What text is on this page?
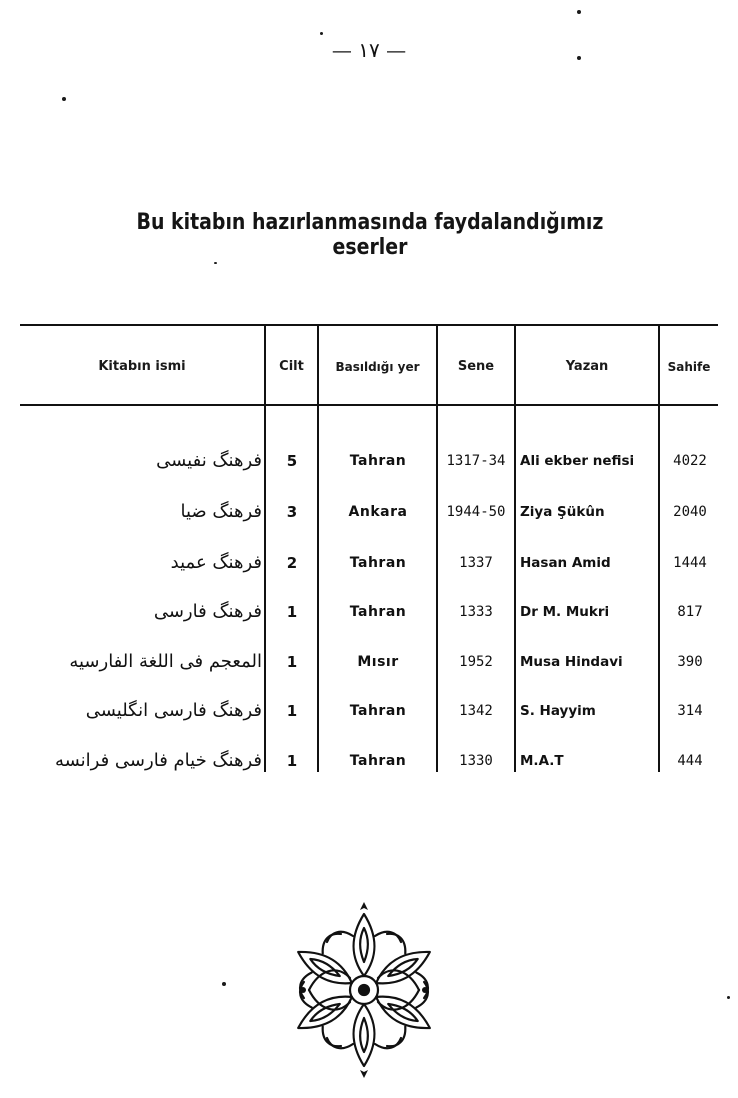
— ١٧ —
Bu kitabın hazırlanmasında faydalandığımız eserler
Kitabın ismi	Cilt	Basıldığı yer	Sene	Yazan	Sahife
فرهنگ نفیسی	5	Tahran	1317-34	Ali ekber nefisi	4022
فرهنگ ضیا	3	Ankara	1944-50	Ziya Şükûn	2040
فرهنگ عمید	2	Tahran	1337	Hasan Amid	1444
فرهنگ فارسی	1	Tahran	1333	Dr M. Mukri	817
المعجم فی اللغة الفارسیه	1	Mısır	1952	Musa Hindavi	390
فرهنگ فارسی انگلیسی	1	Tahran	1342	S. Hayyim	314
فرهنگ خیام فارسی فرانسه	1	Tahran	1330	M.A.T	444
